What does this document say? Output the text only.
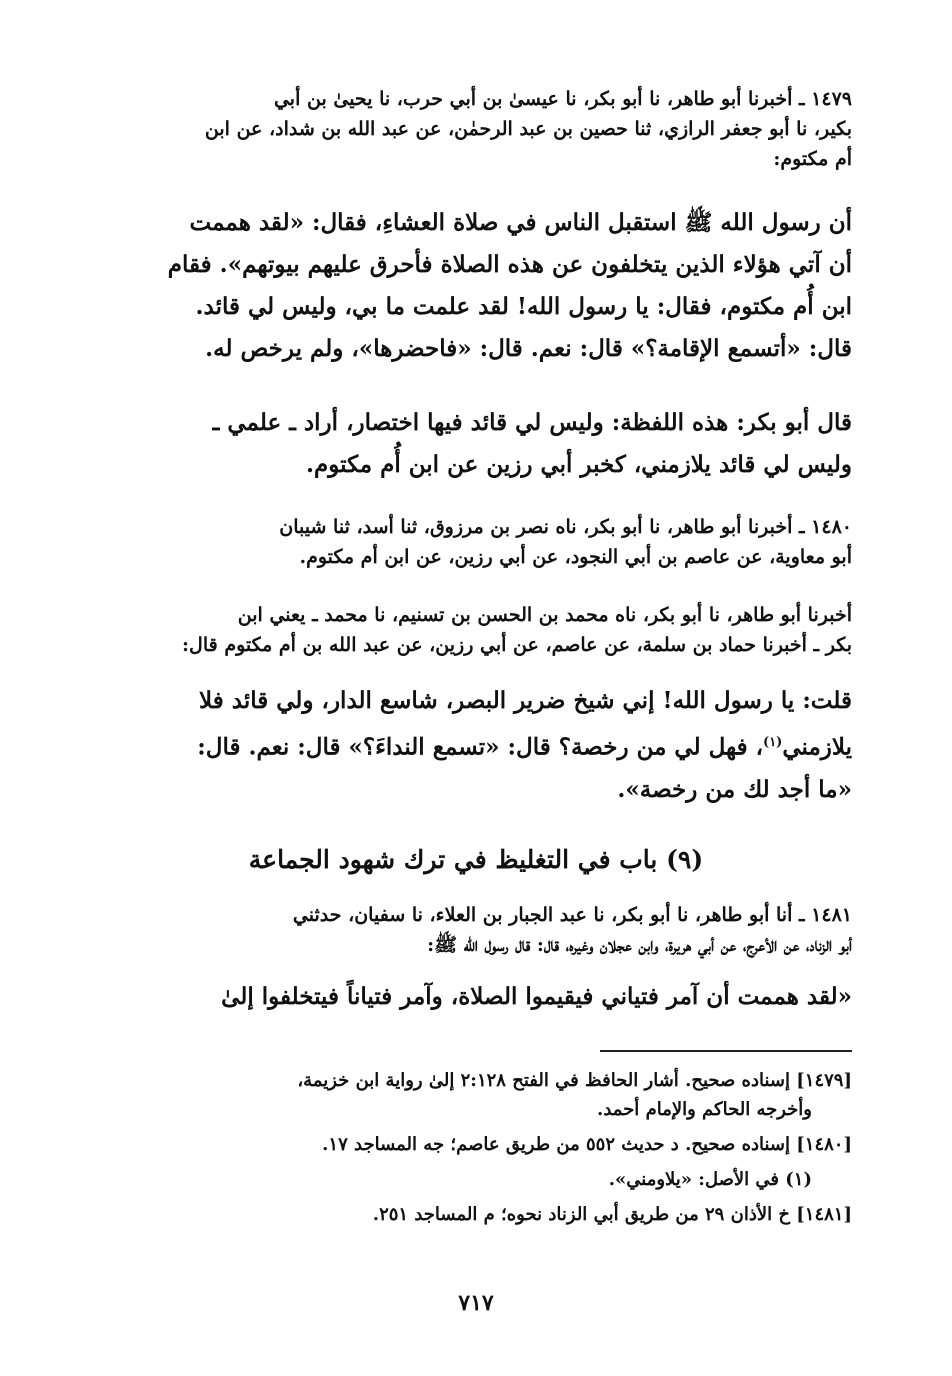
١٤٧٩ ـ أخبرنا أبو طاهر، نا أبو بكر، نا عيسىٰ بن أبي حرب، نا يحيىٰ بن أبي
بكير، نا أبو جعفر الرازي، ثنا حصين بن عبد الرحمٰن، عن عبد الله بن شداد، عن ابن
أم مكتوم:
أن رسول الله ﷺ استقبل الناس في صلاة العشاءِ، فقال: «لقد هممت
أن آتي هؤلاء الذين يتخلفون عن هذه الصلاة فأحرق عليهم بيوتهم». فقام
ابن أُم مكتوم، فقال: يا رسول الله! لقد علمت ما بي، وليس لي قائد.
قال: «أتسمع الإقامة؟» قال: نعم. قال: «فاحضرها»، ولم يرخص له.
قال أبو بكر: هذه اللفظة: وليس لي قائد فيها اختصار، أراد ـ علمي ـ
وليس لي قائد يلازمني، كخبر أبي رزين عن ابن أُم مكتوم.
١٤٨٠ ـ أخبرنا أبو طاهر، نا أبو بكر، ناه نصر بن مرزوق، ثنا أسد، ثنا شيبان
أبو معاوية، عن عاصم بن أبي النجود، عن أبي رزين، عن ابن أم مكتوم.
أخبرنا أبو طاهر، نا أبو بكر، ناه محمد بن الحسن بن تسنيم، نا محمد ـ يعني ابن
بكر ـ أخبرنا حماد بن سلمة، عن عاصم، عن أبي رزين، عن عبد الله بن أم مكتوم قال:
قلت: يا رسول الله! إني شيخ ضرير البصر، شاسع الدار، ولي قائد فلا
يلازمني$^{(١)}$، فهل لي من رخصة؟ قال: «تسمع النداءَ؟» قال: نعم. قال:
«ما أجد لك من رخصة».
(٩) باب في التغليظ في ترك شهود الجماعة
١٤٨١ ـ أنا أبو طاهر، نا أبو بكر، نا عبد الجبار بن العلاء، نا سفيان، حدثني
أبو الزناد، عن الأعرج، عن أبي هريرة، وابن عجلان وغيره، قال: قال رسول الله ﷺ:
«لقد هممت أن آمر فتياني فيقيموا الصلاة، وآمر فتياناً فيتخلفوا إلىٰ
[١٤٧٩] إسناده صحيح. أشار الحافظ في الفتح ٢:١٢٨ إلىٰ رواية ابن خزيمة،
وأخرجه الحاكم والإمام أحمد.
[١٤٨٠] إسناده صحيح. د حديث ٥٥٢ من طريق عاصم؛ جه المساجد ١٧.
(١) في الأصل: «يلاومني».
[١٤٨١] خ الأذان ٢٩ من طريق أبي الزناد نحوه؛ م المساجد ٢٥١.
٧١٧
